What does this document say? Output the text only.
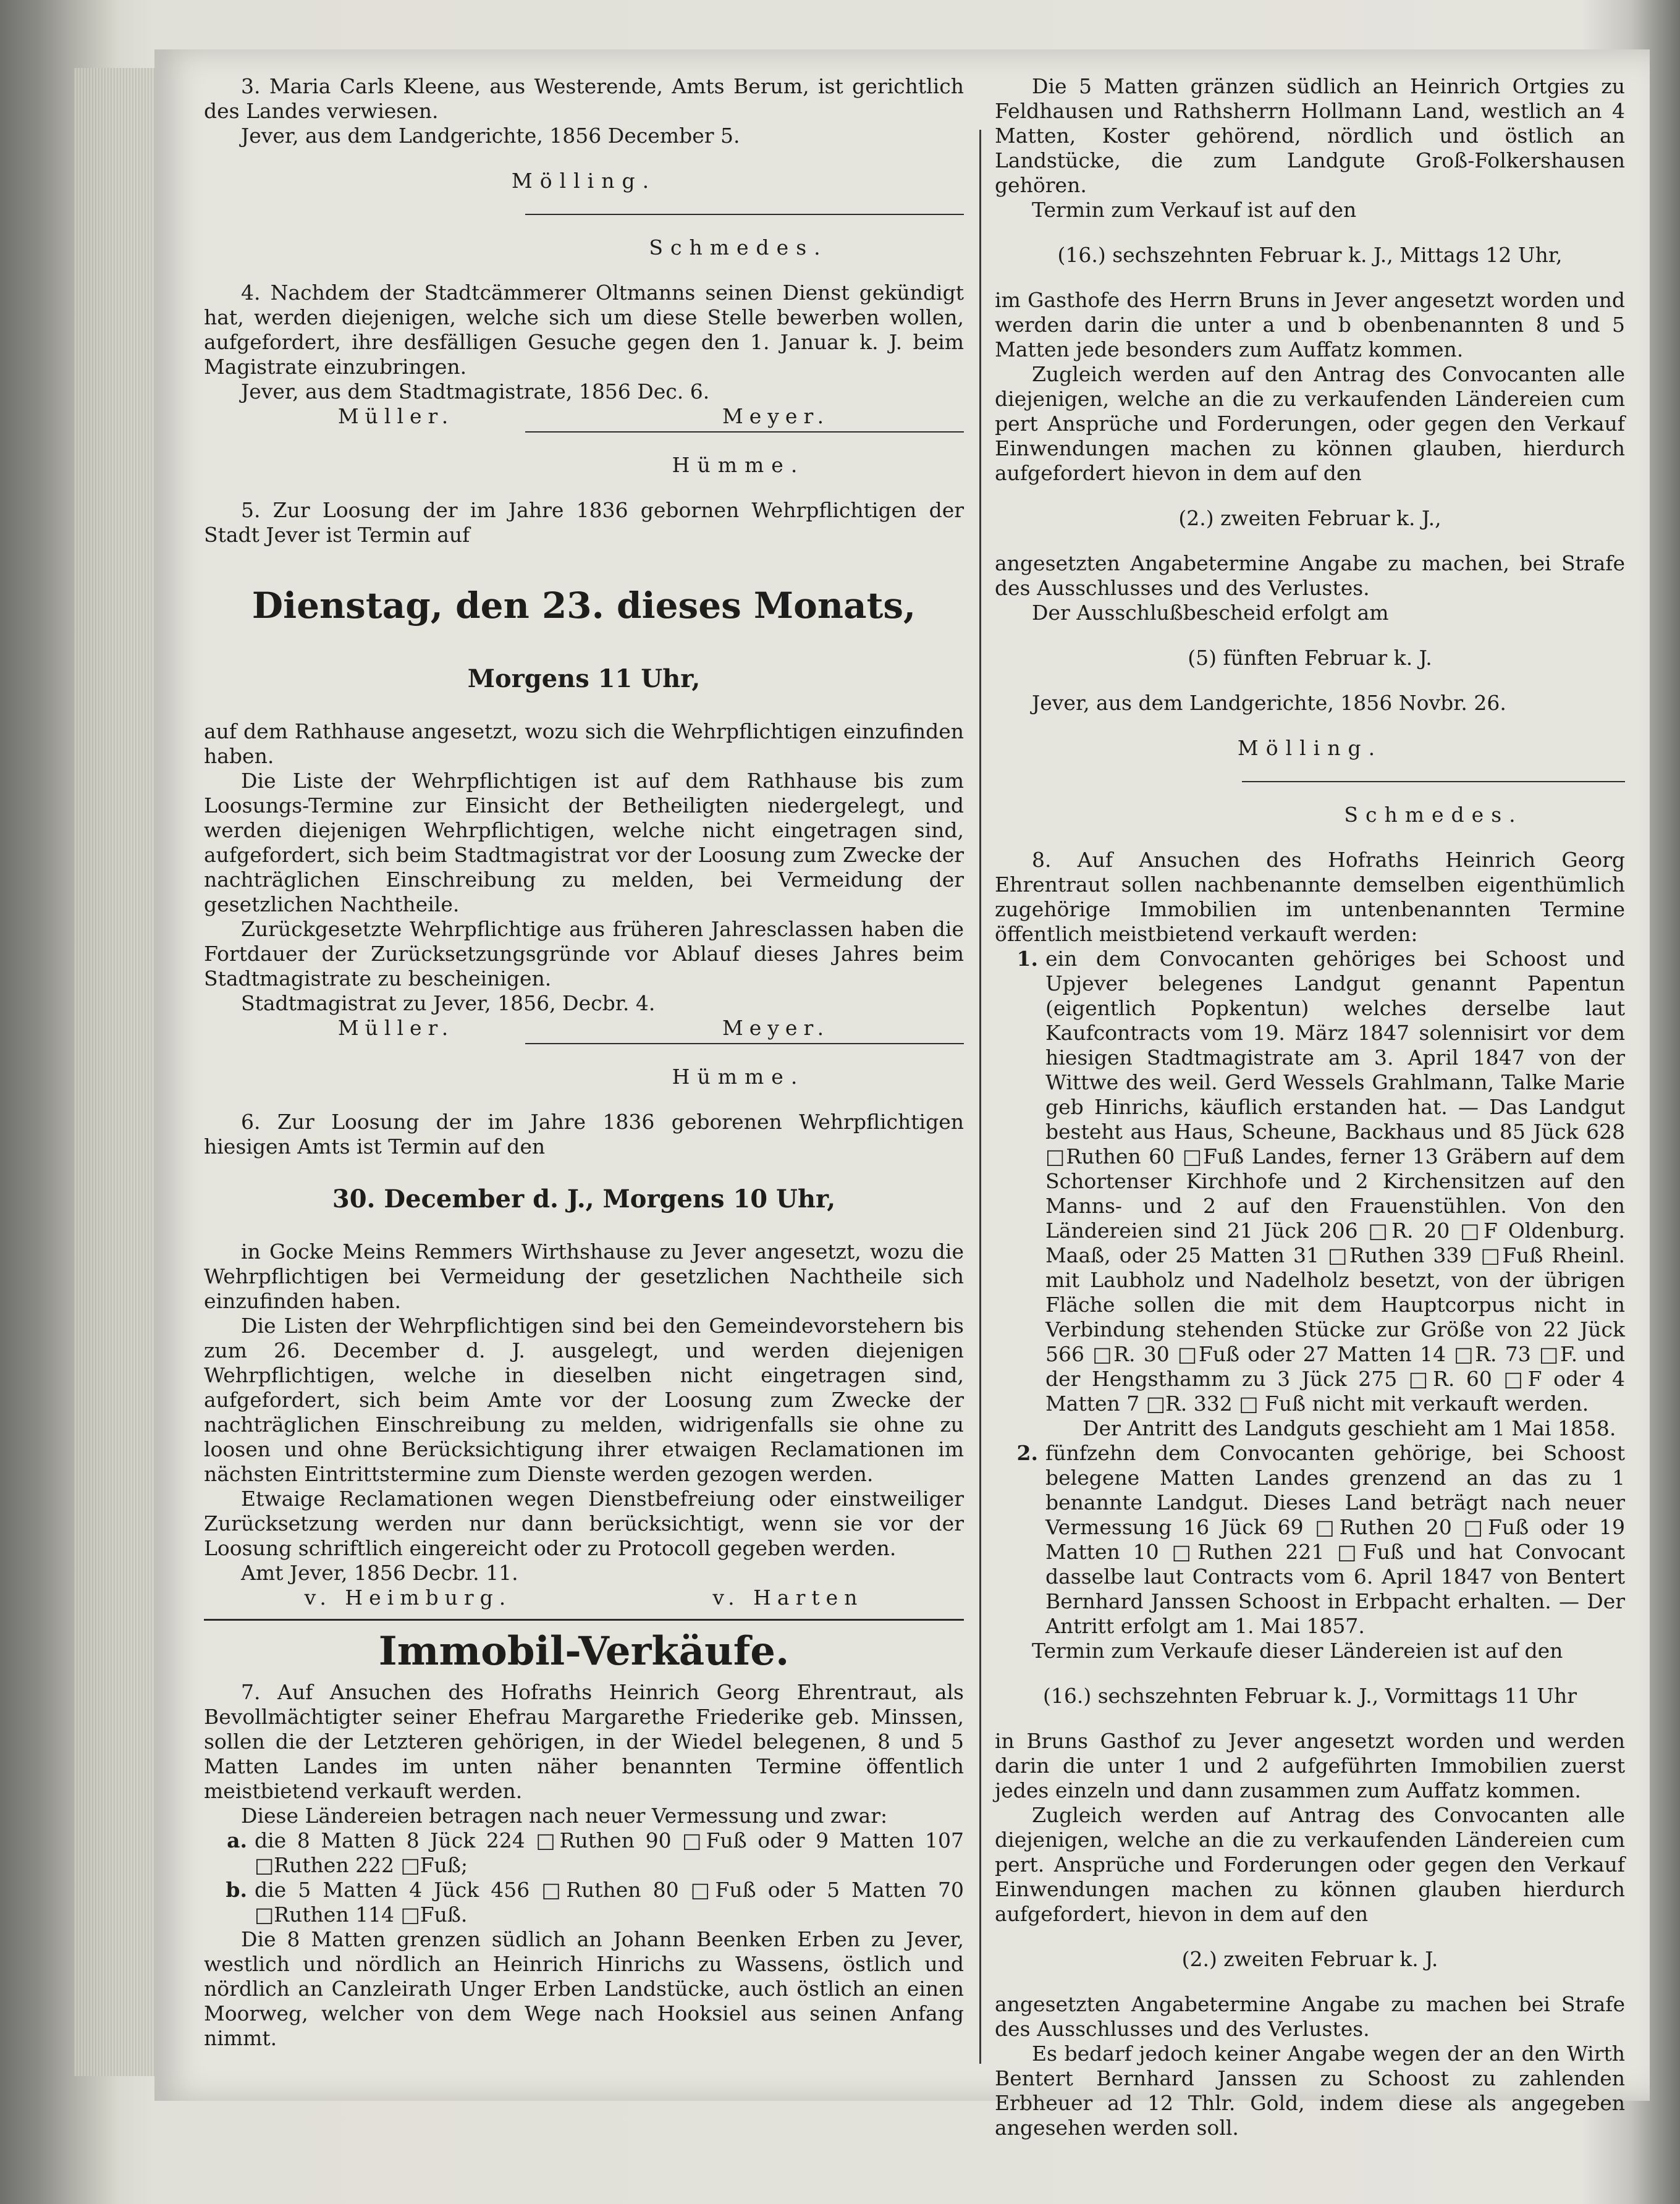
3. Maria Carls Kleene, aus Westerende, Amts Berum, ist gerichtlich des Landes verwiesen.

Jever, aus dem Landgerichte, 1856 December 5.

Mölling.

Schmedes.

4. Nachdem der Stadtcämmerer Oltmanns seinen Dienst gekündigt hat, werden diejenigen, welche sich um diese Stelle bewerben wollen, aufgefordert, ihre desfälligen Gesuche gegen den 1. Januar k. J. beim Magistrate einzubringen.

Jever, aus dem Stadtmagistrate, 1856 Dec. 6.

Müller.	Meyer.

Hümme.

5. Zur Loosung der im Jahre 1836 gebornen Wehrpflichtigen der Stadt Jever ist Termin auf

Dienstag, den 23. dieses Monats,

Morgens 11 Uhr,

auf dem Rathhause angesetzt, wozu sich die Wehrpflichtigen einzufinden haben.

Die Liste der Wehrpflichtigen ist auf dem Rathhause bis zum Loosungs-Termine zur Einsicht der Betheiligten niedergelegt, und werden diejenigen Wehrpflichtigen, welche nicht eingetragen sind, aufgefordert, sich beim Stadtmagistrat vor der Loosung zum Zwecke der nachträglichen Einschreibung zu melden, bei Vermeidung der gesetzlichen Nachtheile.

Zurückgesetzte Wehrpflichtige aus früheren Jahresclassen haben die Fortdauer der Zurücksetzungsgründe vor Ablauf dieses Jahres beim Stadtmagistrate zu bescheinigen.

Stadtmagistrat zu Jever, 1856, Decbr. 4.

Müller.	Meyer.

Hümme.

6. Zur Loosung der im Jahre 1836 geborenen Wehrpflichtigen hiesigen Amts ist Termin auf den

30. December d. J., Morgens 10 Uhr,

in Gocke Meins Remmers Wirthshause zu Jever angesetzt, wozu die Wehrpflichtigen bei Vermeidung der gesetzlichen Nachtheile sich einzufinden haben.

Die Listen der Wehrpflichtigen sind bei den Gemeindevorstehern bis zum 26. December d. J. ausgelegt, und werden diejenigen Wehrpflichtigen, welche in dieselben nicht eingetragen sind, aufgefordert, sich beim Amte vor der Loosung zum Zwecke der nachträglichen Einschreibung zu melden, widrigenfalls sie ohne zu loosen und ohne Berücksichtigung ihrer etwaigen Reclamationen im nächsten Eintrittstermine zum Dienste werden gezogen werden.

Etwaige Reclamationen wegen Dienstbefreiung oder einstweiliger Zurücksetzung werden nur dann berücksichtigt, wenn sie vor der Loosung schriftlich eingereicht oder zu Protocoll gegeben werden.

Amt Jever, 1856 Decbr. 11.

v. Heimburg.	v. Harten

Immobil-Verkäufe.

7. Auf Ansuchen des Hofraths Heinrich Georg Ehrentraut, als Bevollmächtigter seiner Ehefrau Margarethe Friederike geb. Minssen, sollen die der Letzteren gehörigen, in der Wiedel belegenen, 8 und 5 Matten Landes im unten näher benannten Termine öffentlich meistbietend verkauft werden.

Diese Ländereien betragen nach neuer Vermessung und zwar:

a. die 8 Matten 8 Jück 224 □Ruthen 90 □Fuß oder 9 Matten 107 □Ruthen 222 □Fuß;
b. die 5 Matten 4 Jück 456 □Ruthen 80 □Fuß oder 5 Matten 70 □Ruthen 114 □Fuß.

Die 8 Matten grenzen südlich an Johann Beenken Erben zu Jever, westlich und nördlich an Heinrich Hinrichs zu Wassens, östlich und nördlich an Canzleirath Unger Erben Landstücke, auch östlich an einen Moorweg, welcher von dem Wege nach Hooksiel aus seinen Anfang nimmt.

Die 5 Matten gränzen südlich an Heinrich Ortgies zu Feldhausen und Rathsherrn Hollmann Land, westlich an 4 Matten, Koster gehörend, nördlich und östlich an Landstücke, die zum Landgute Groß-Folkershausen gehören.

Termin zum Verkauf ist auf den

(16.) sechszehnten Februar k. J., Mittags 12 Uhr,

im Gasthofe des Herrn Bruns in Jever angesetzt worden und werden darin die unter a und b obenbenannten 8 und 5 Matten jede besonders zum Auffatz kommen.

Zugleich werden auf den Antrag des Convocanten alle diejenigen, welche an die zu verkaufenden Ländereien cum pert Ansprüche und Forderungen, oder gegen den Verkauf Einwendungen machen zu können glauben, hierdurch aufgefordert hievon in dem auf den

(2.) zweiten Februar k. J.,

angesetzten Angabetermine Angabe zu machen, bei Strafe des Ausschlusses und des Verlustes.

Der Ausschlußbescheid erfolgt am

(5) fünften Februar k. J.

Jever, aus dem Landgerichte, 1856 Novbr. 26.

Mölling.

Schmedes.

8. Auf Ansuchen des Hofraths Heinrich Georg Ehrentraut sollen nachbenannte demselben eigenthümlich zugehörige Immobilien im untenbenannten Termine öffentlich meistbietend verkauft werden:

1. ein dem Convocanten gehöriges bei Schoost und Upjever belegenes Landgut genannt Papentun (eigentlich Popkentun) welches derselbe laut Kaufcontracts vom 19. März 1847 solennisirt vor dem hiesigen Stadtmagistrate am 3. April 1847 von der Wittwe des weil. Gerd Wessels Grahlmann, Talke Marie geb Hinrichs, käuflich erstanden hat. — Das Landgut besteht aus Haus, Scheune, Backhaus und 85 Jück 628 □Ruthen 60 □Fuß Landes, ferner 13 Gräbern auf dem Schortenser Kirchhofe und 2 Kirchensitzen auf den Manns- und 2 auf den Frauenstühlen. Von den Ländereien sind 21 Jück 206 □R. 20 □F Oldenburg. Maaß, oder 25 Matten 31 □Ruthen 339 □Fuß Rheinl. mit Laubholz und Nadelholz besetzt, von der übrigen Fläche sollen die mit dem Hauptcorpus nicht in Verbindung stehenden Stücke zur Größe von 22 Jück 566 □R. 30 □Fuß oder 27 Matten 14 □R. 73 □F. und der Hengsthamm zu 3 Jück 275 □R. 60 □F oder 4 Matten 7 □R. 332 □ Fuß nicht mit verkauft werden.

Der Antritt des Landguts geschieht am 1 Mai 1858.

2. fünfzehn dem Convocanten gehörige, bei Schoost belegene Matten Landes grenzend an das zu 1 benannte Landgut. Dieses Land beträgt nach neuer Vermessung 16 Jück 69 □Ruthen 20 □Fuß oder 19 Matten 10 □Ruthen 221 □Fuß und hat Convocant dasselbe laut Contracts vom 6. April 1847 von Bentert Bernhard Janssen Schoost in Erbpacht erhalten. — Der Antritt erfolgt am 1. Mai 1857.

Termin zum Verkaufe dieser Ländereien ist auf den

(16.) sechszehnten Februar k. J., Vormittags 11 Uhr

in Bruns Gasthof zu Jever angesetzt worden und werden darin die unter 1 und 2 aufgeführten Immobilien zuerst jedes einzeln und dann zusammen zum Auffatz kommen.

Zugleich werden auf Antrag des Convocanten alle diejenigen, welche an die zu verkaufenden Ländereien cum pert. Ansprüche und Forderungen oder gegen den Verkauf Einwendungen machen zu können glauben hierdurch aufgefordert, hievon in dem auf den

(2.) zweiten Februar k. J.

angesetzten Angabetermine Angabe zu machen bei Strafe des Ausschlusses und des Verlustes.

Es bedarf jedoch keiner Angabe wegen der an den Wirth Bentert Bernhard Janssen zu Schoost zu zahlenden Erbheuer ad 12 Thlr. Gold, indem diese als angegeben angesehen werden soll.
